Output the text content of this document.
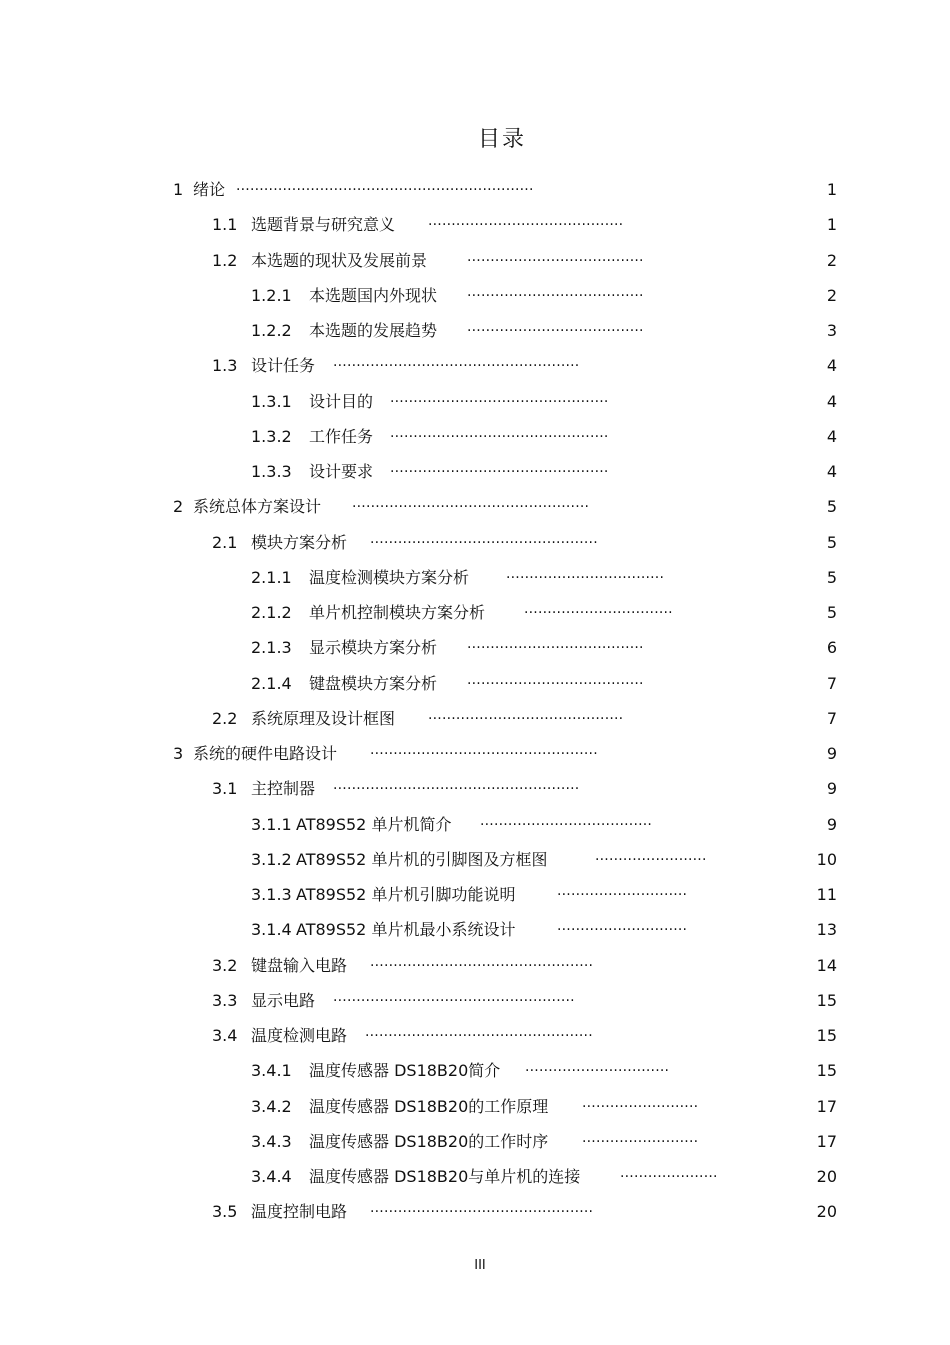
目录
1 绪论 ................................................................	1
1.1 选题背景与研究意义 ..........................................	1
1.2 本选题的现状及发展前景	......................................	2
1.2.1 本选题国内外现状 ......................................	2
1.2.2 本选题的发展趋势 ......................................	3
1.3 设计任务 .....................................................	4
1.3.1 设计目的 ...............................................	4
1.3.2 工作任务 ...............................................	4
1.3.3 设计要求 ...............................................	4
2 系统总体方案设计 ...................................................	5
2.1 模块方案分析 .................................................	5
2.1.1 温度检测模块方案分析	..................................	5
2.1.2 单片机控制模块方案分析	................................	5
2.1.3 显示模块方案分析 ......................................	6
2.1.4 键盘模块方案分析 ......................................	7
2.2 系统原理及设计框图 ..........................................	7
3 系统的硬件电路设计 .................................................	9
3.1 主控制器 .....................................................	9
3.1.1 AT89S52 单片机简介 .....................................	9
3.1.2 AT89S52 单片机的引脚图及方框图	........................	10
3.1.3 AT89S52 单片机引脚功能说明	............................	11
3.1.4 AT89S52 单片机最小系统设计	............................	13
3.2 键盘输入电路 ................................................	14
3.3 显示电路 ....................................................	15
3.4 温度检测电路 .................................................	15
3.4.1 温度传感器 DS18B20简介 ...............................	15
3.4.2 温度传感器 DS18B20的工作原理 .........................	17
3.4.3 温度传感器 DS18B20的工作时序 .........................	17
3.4.4 温度传感器 DS18B20与单片机的连接	.....................	20
3.5 温度控制电路 ................................................	20
III
